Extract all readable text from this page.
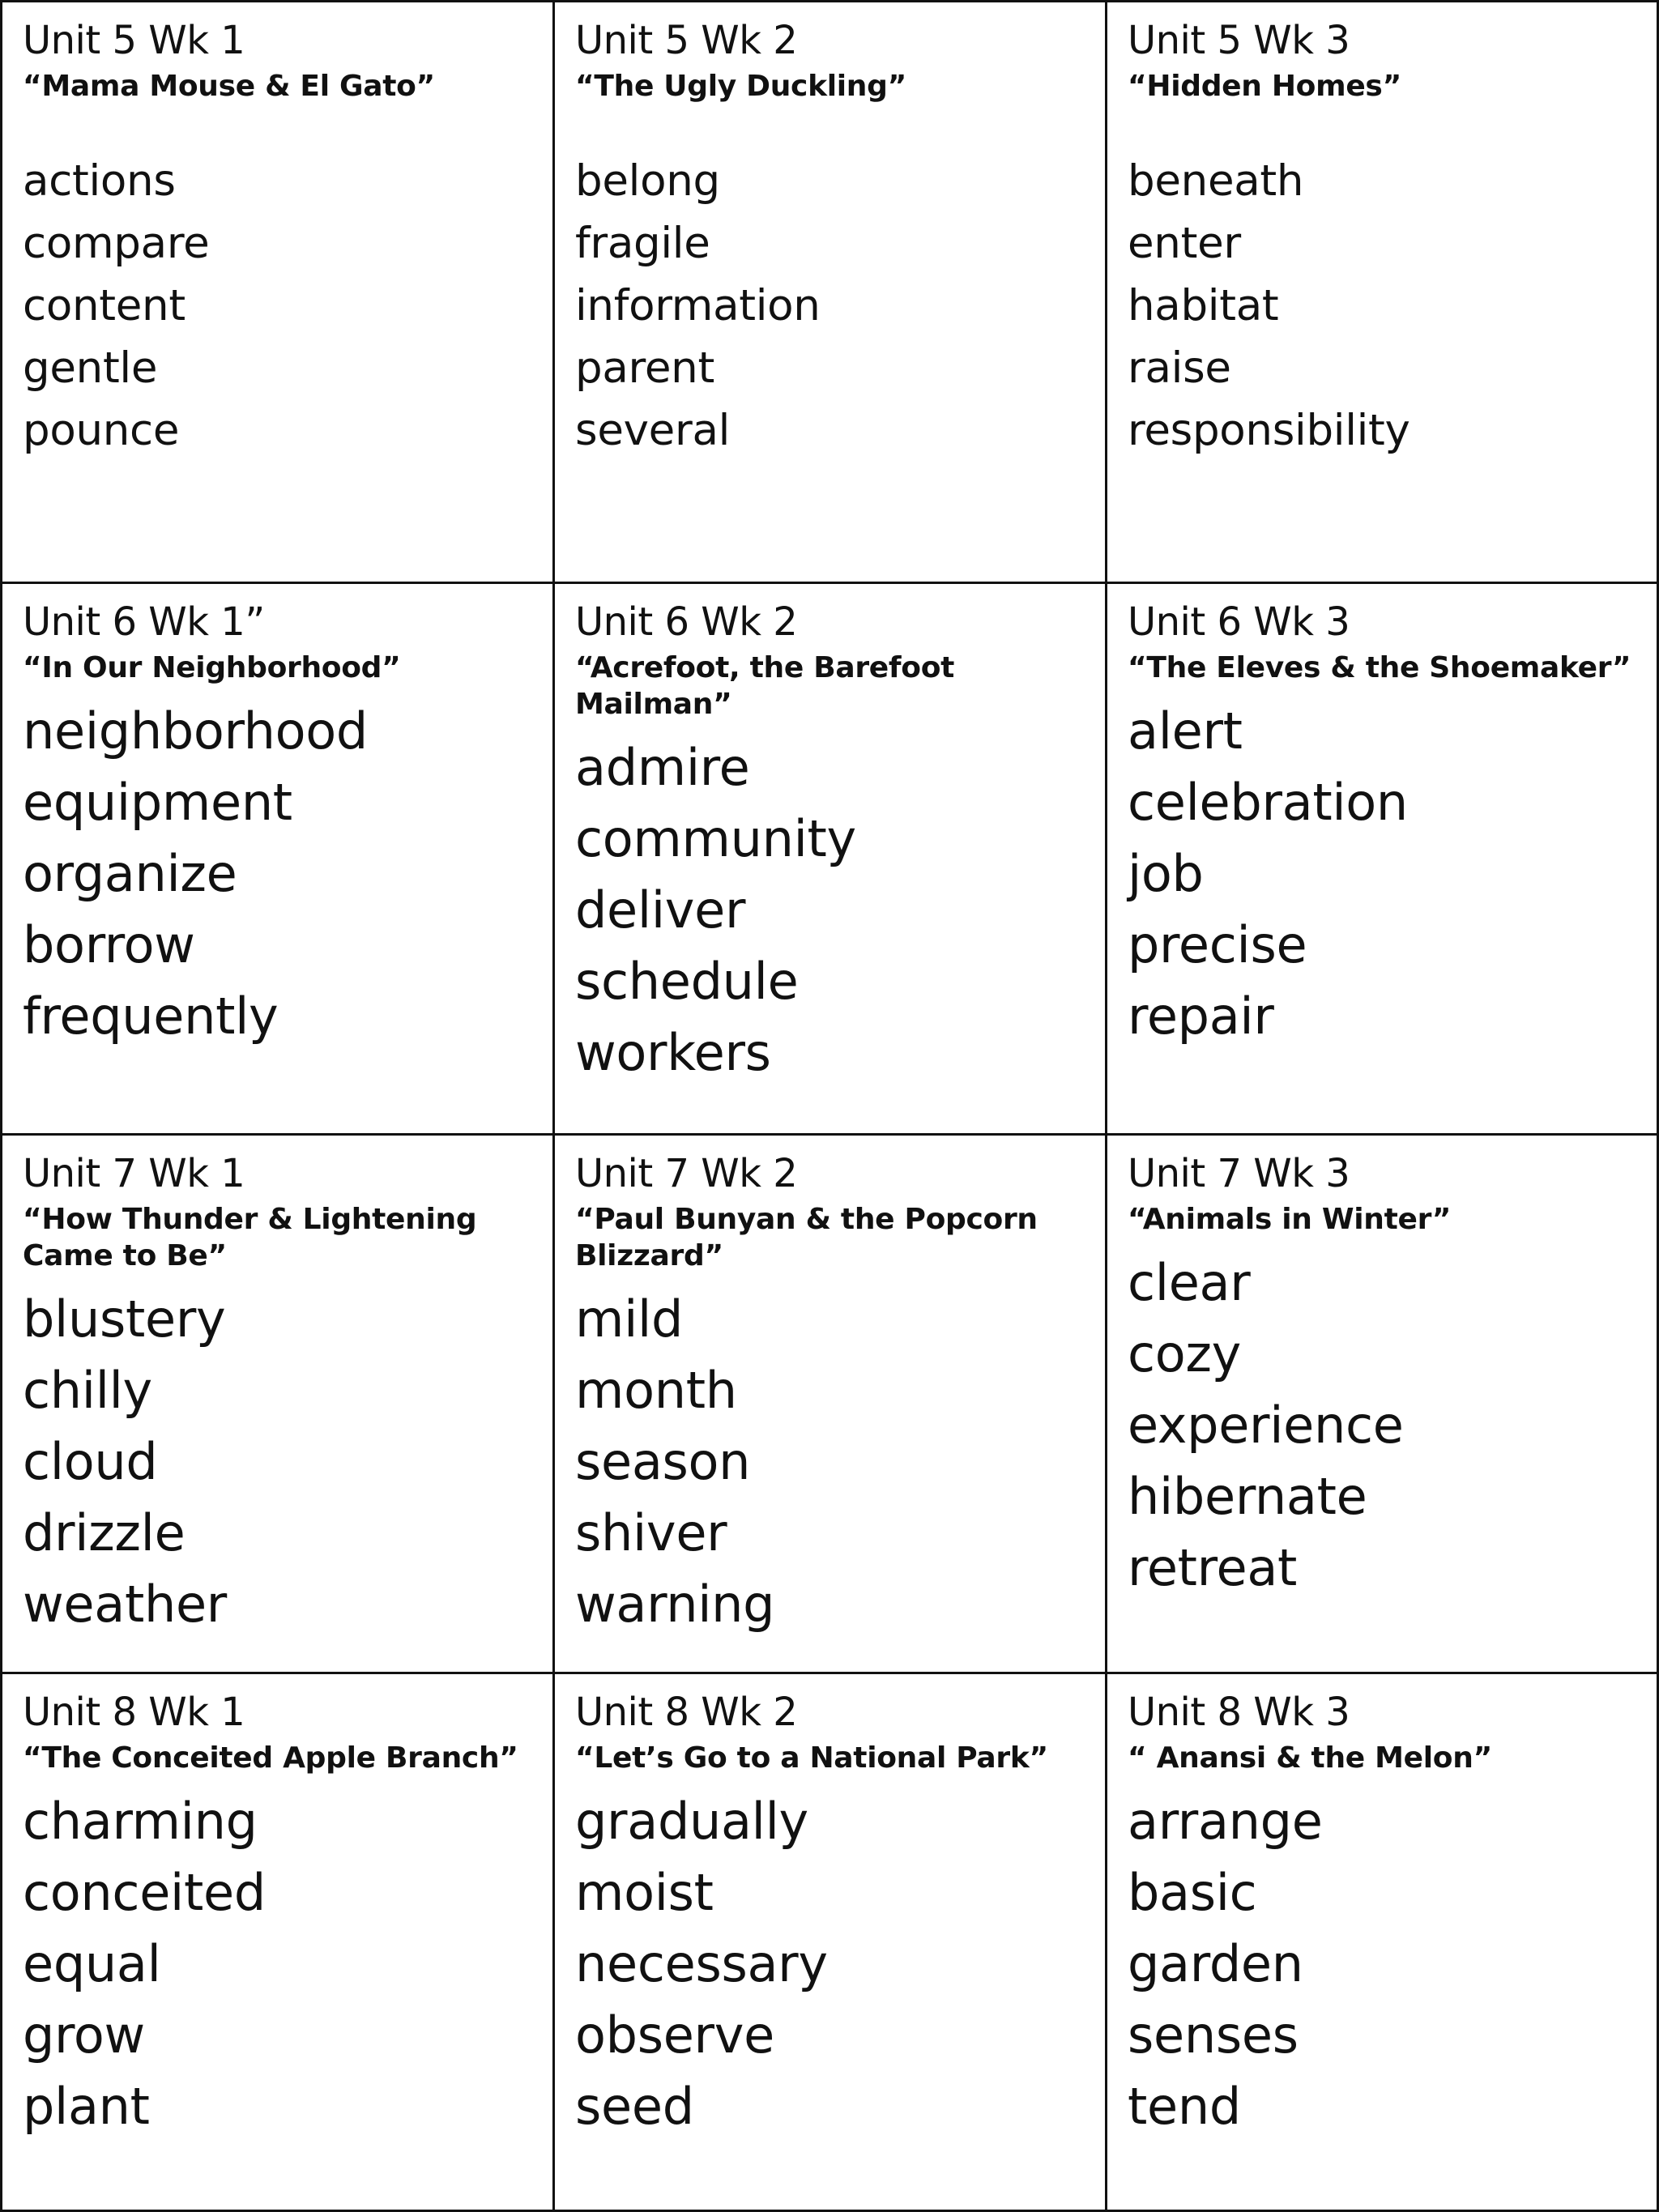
Unit 5 Wk 1
“Mama Mouse & El Gato”
actions
compare
content
gentle
pounce
Unit 5 Wk 2
“The Ugly Duckling”
belong
fragile
information
parent
several
Unit 5 Wk 3
“Hidden Homes”
beneath
enter
habitat
raise
responsibility
Unit 6 Wk 1”
“In Our Neighborhood”
neighborhood
equipment
organize
borrow
frequently
Unit 6 Wk 2
“Acrefoot, the Barefoot Mailman”
admire
community
deliver
schedule
workers
Unit 6 Wk 3
“The Eleves & the Shoemaker”
alert
celebration
job
precise
repair
Unit 7 Wk 1
“How Thunder & Lightening Came to Be”
blustery
chilly
cloud
drizzle
weather
Unit 7 Wk 2
“Paul Bunyan & the Popcorn Blizzard”
mild
month
season
shiver
warning
Unit 7 Wk 3
“Animals in Winter”
clear
cozy
experience
hibernate
retreat
Unit 8 Wk 1
“The Conceited Apple Branch”
charming
conceited
equal
grow
plant
Unit 8 Wk 2
“Let’s Go to a National Park”
gradually
moist
necessary
observe
seed
Unit 8 Wk 3
“ Anansi & the Melon”
arrange
basic
garden
senses
tend
